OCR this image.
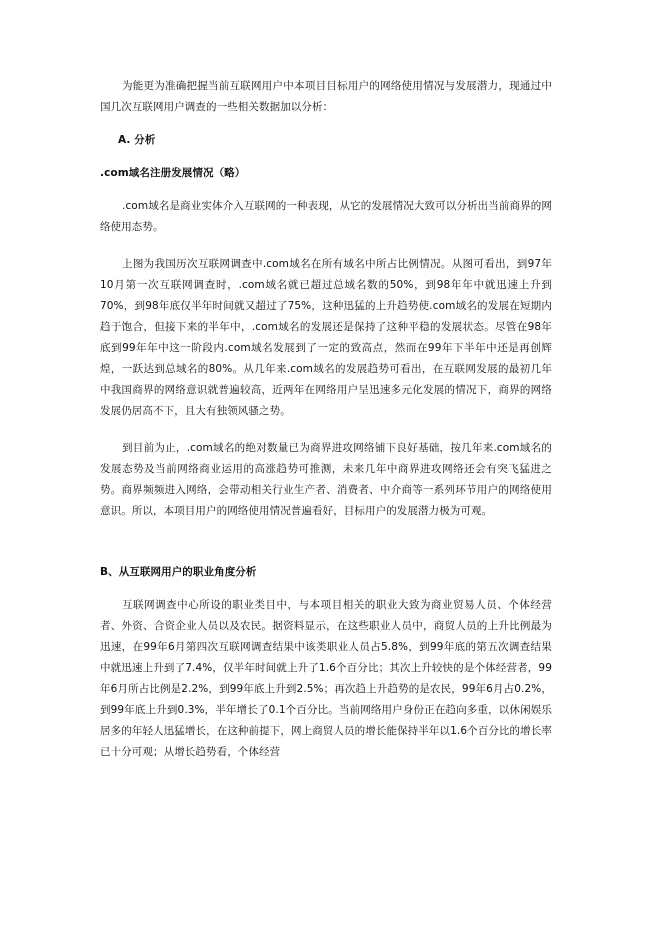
为能更为准确把握当前互联网用户中本项目目标用户的网络使用情况与发展潜力，现通过中国几次互联网用户调查的一些相关数据加以分析：

A. 分析

.com域名注册发展情况（略）

.com域名是商业实体介入互联网的一种表现，从它的发展情况大致可以分析出当前商界的网络使用态势。

上图为我国历次互联网调查中.com域名在所有域名中所占比例情况。从图可看出，到97年10月第一次互联网调查时，.com域名就已超过总域名数的50%，到98年年中就迅速上升到70%，到98年底仅半年时间就又超过了75%，这种迅猛的上升趋势使.com域名的发展在短期内趋于饱合，但接下来的半年中，.com域名的发展还是保持了这种平稳的发展状态。尽管在98年底到99年年中这一阶段内.com域名发展到了一定的致高点，然而在99年下半年中还是再创辉煌，一跃达到总域名的80%。从几年来.com域名的发展趋势可看出，在互联网发展的最初几年中我国商界的网络意识就普遍较高，近两年在网络用户呈迅速多元化发展的情况下，商界的网络发展仍居高不下，且大有独领风骚之势。

到目前为止，.com域名的绝对数量已为商界进攻网络铺下良好基础，按几年来.com域名的发展态势及当前网络商业运用的高涨趋势可推测，未来几年中商界进攻网络还会有突飞猛进之势。商界频频进入网络，会带动相关行业生产者、消费者、中介商等一系列环节用户的网络使用意识。所以，本项目用户的网络使用情况普遍看好，目标用户的发展潜力极为可观。

B、从互联网用户的职业角度分析

互联网调查中心所设的职业类目中，与本项目相关的职业大致为商业贸易人员、个体经营者、外资、合资企业人员以及农民。据资料显示，在这些职业人员中，商贸人员的上升比例最为迅速，在99年6月第四次互联网调查结果中该类职业人员占5.8%，到99年底的第五次调查结果中就迅速上升到了7.4%，仅半年时间就上升了1.6个百分比；其次上升较快的是个体经营者，99年6月所占比例是2.2%，到99年底上升到2.5%；再次趋上升趋势的是农民，99年6月占0.2%，到99年底上升到0.3%，半年增长了0.1个百分比。当前网络用户身份正在趋向多重，以休闲娱乐居多的年轻人迅猛增长，在这种前提下，网上商贸人员的增长能保持半年以1.6个百分比的增长率已十分可观；从增长趋势看，个体经营
